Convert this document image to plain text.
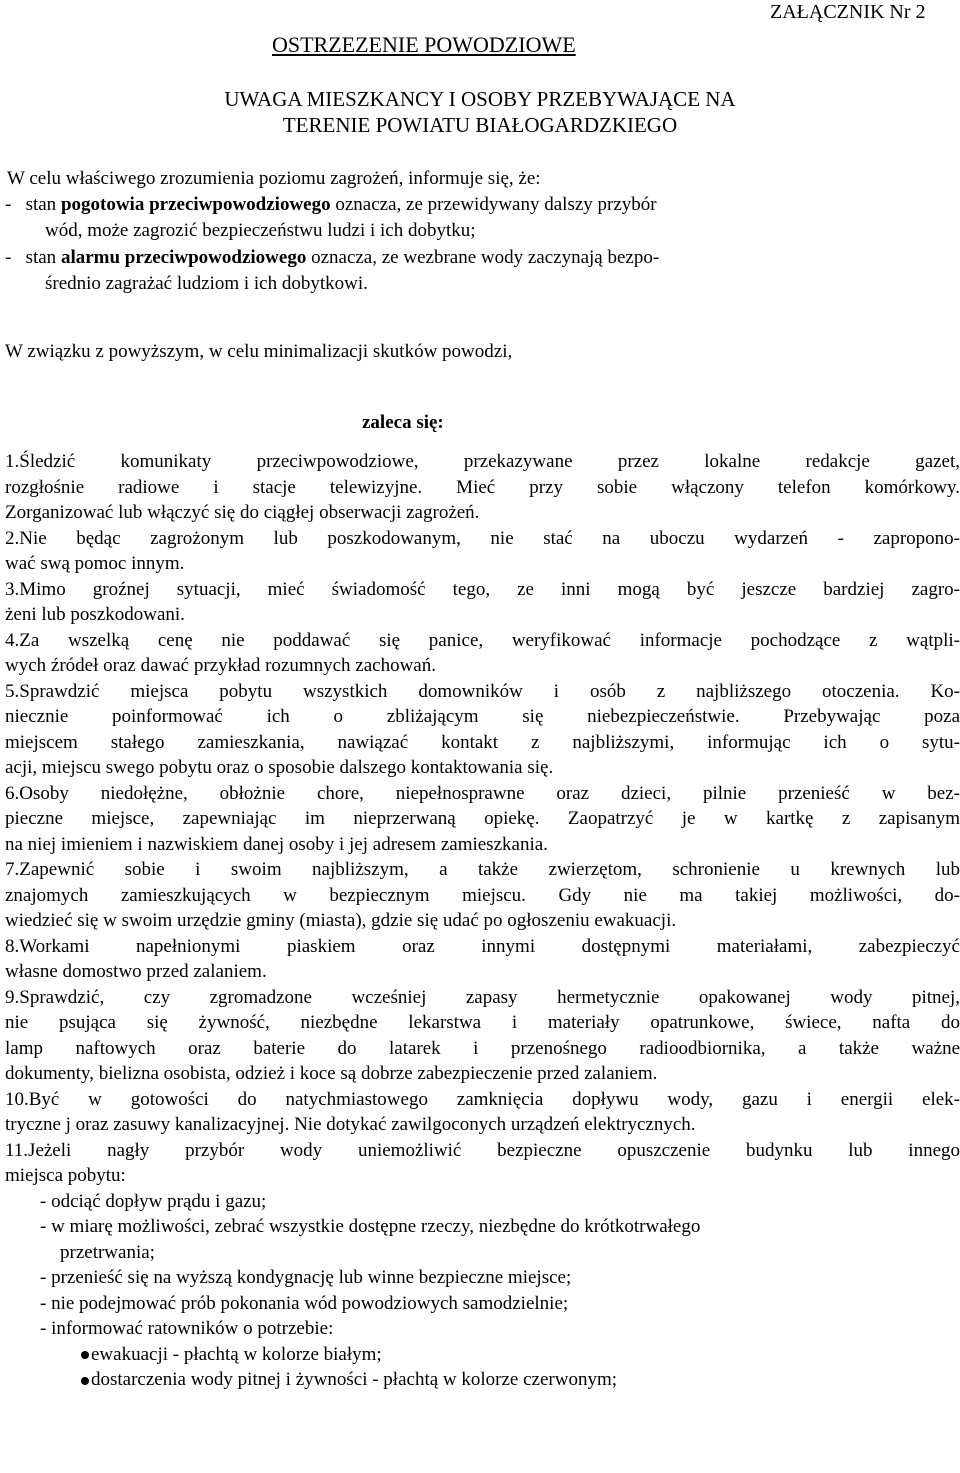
ZAŁĄCZNIK Nr 2
OSTRZEZENIE POWODZIOWE
UWAGA MIESZKANCY I OSOBY PRZEBYWAJĄCE NA
TERENIE POWIATU BIAŁOGARDZKIEGO
W celu właściwego zrozumienia poziomu zagrożeń, informuje się, że:
-   stan pogotowia przeciwpowodziowego oznacza, ze przewidywany dalszy przybór
wód, może zagrozić bezpieczeństwu ludzi i ich dobytku;
-   stan alarmu przeciwpowodziowego oznacza, ze wezbrane wody zaczynają bezpo-
średnio zagrażać ludziom i ich dobytkowi.
W związku z powyższym, w celu minimalizacji skutków powodzi,
zaleca się:
1.Śledzić komunikaty przeciwpowodziowe, przekazywane przez lokalne redakcje gazet,
rozgłośnie radiowe i stacje telewizyjne. Mieć przy sobie włączony telefon komórkowy.
Zorganizować lub włączyć się do ciągłej obserwacji zagrożeń.
2.Nie będąc zagrożonym lub poszkodowanym, nie stać na uboczu wydarzeń - zapropono-
wać swą pomoc innym.
3.Mimo groźnej sytuacji, mieć świadomość tego, ze inni mogą być jeszcze bardziej zagro-
żeni lub poszkodowani.
4.Za wszelką cenę nie poddawać się panice, weryfikować informacje pochodzące z wątpli-
wych źródeł oraz dawać przykład rozumnych zachowań.
5.Sprawdzić miejsca pobytu wszystkich domowników i osób z najbliższego otoczenia. Ko-
niecznie poinformować ich o zbliżającym się niebezpieczeństwie. Przebywając poza
miejscem stałego zamieszkania, nawiązać kontakt z najbliższymi, informując ich o sytu-
acji, miejscu swego pobytu oraz o sposobie dalszego kontaktowania się.
6.Osoby niedołężne, obłożnie chore, niepełnosprawne oraz dzieci, pilnie przenieść w bez-
pieczne miejsce, zapewniając im nieprzerwaną opiekę. Zaopatrzyć je w kartkę z zapisanym
na niej imieniem i nazwiskiem danej osoby i jej adresem zamieszkania.
7.Zapewnić sobie i swoim najbliższym, a także zwierzętom, schronienie u krewnych lub
znajomych zamieszkujących w bezpiecznym miejscu. Gdy nie ma takiej możliwości, do-
wiedzieć się w swoim urzędzie gminy (miasta), gdzie się udać po ogłoszeniu ewakuacji.
8.Workami napełnionymi piaskiem oraz innymi dostępnymi materiałami, zabezpieczyć
własne domostwo przed zalaniem.
9.Sprawdzić, czy zgromadzone wcześniej zapasy hermetycznie opakowanej wody pitnej,
nie psująca się żywność, niezbędne lekarstwa i materiały opatrunkowe, świece, nafta do
lamp naftowych oraz baterie do latarek i przenośnego radioodbiornika, a także ważne
dokumenty, bielizna osobista, odzież i koce są dobrze zabezpieczenie przed zalaniem.
10.Być w gotowości do natychmiastowego zamknięcia dopływu wody, gazu i energii elek-
tryczne j oraz zasuwy kanalizacyjnej. Nie dotykać zawilgoconych urządzeń elektrycznych.
11.Jeżeli nagły przybór wody uniemożliwić bezpieczne opuszczenie budynku lub innego
miejsca pobytu:
- odciąć dopływ prądu i gazu;
- w miarę możliwości, zebrać wszystkie dostępne rzeczy, niezbędne do krótkotrwałego
przetrwania;
- przenieść się na wyższą kondygnację lub winne bezpieczne miejsce;
- nie podejmować prób pokonania wód powodziowych samodzielnie;
- informować ratowników o potrzebie:
ewakuacji - płachtą w kolorze białym;
dostarczenia wody pitnej i żywności - płachtą w kolorze czerwonym;
